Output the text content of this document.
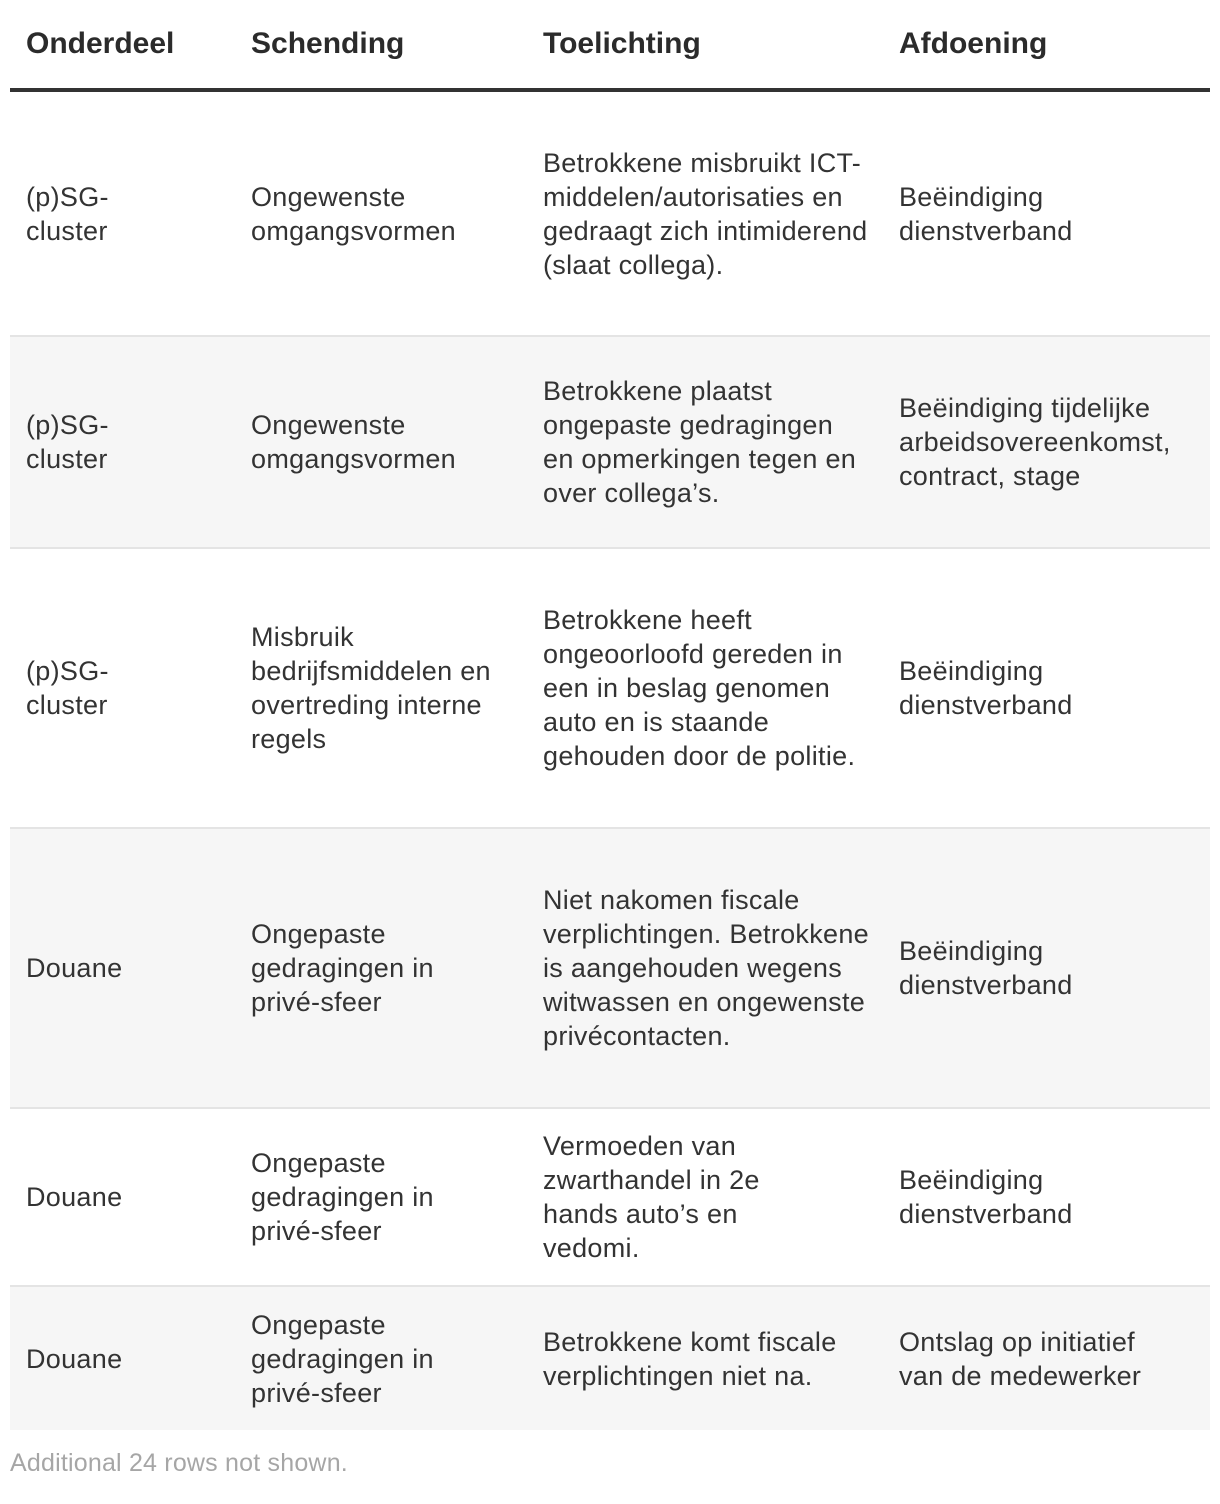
Onderdeel	Schending	Toelichting	Afdoening

(p)SG-
cluster	Ongewenste omgangsvormen	Betrokkene misbruikt ICT-middelen/autorisaties en gedraagt zich intimiderend (slaat collega).	Beëindiging dienstverband

(p)SG-
cluster	Ongewenste omgangsvormen	Betrokkene plaatst ongepaste gedragingen en opmerkingen tegen en over collega’s.	Beëindiging tijdelijke arbeidsovereenkomst, contract, stage

(p)SG-
cluster	Misbruik bedrijfsmiddelen en overtreding interne regels	Betrokkene heeft ongeoorloofd gereden in een in beslag genomen auto en is staande gehouden door de politie.	Beëindiging dienstverband

Douane	Ongepaste gedragingen in privé-sfeer	Niet nakomen fiscale verplichtingen. Betrokkene is aangehouden wegens witwassen en ongewenste privécontacten.	Beëindiging dienstverband

Douane	Ongepaste gedragingen in privé-sfeer	Vermoeden van zwarthandel in 2e hands auto’s en vedomi.	Beëindiging dienstverband

Douane	Ongepaste gedragingen in privé-sfeer	Betrokkene komt fiscale verplichtingen niet na.	Ontslag op initiatief van de medewerker
Additional 24 rows not shown.
